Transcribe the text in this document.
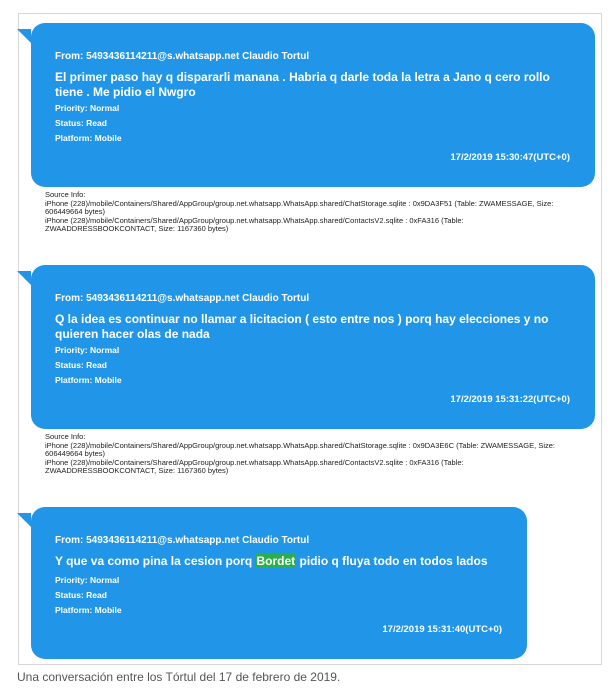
From: 5493436114211@s.whatsapp.net Claudio Tortul
El primer paso hay q dispararli manana . Habria q darle toda la letra a Jano q cero rollo tiene . Me pidio el Nwgro
Priority: Normal
Status: Read
Platform: Mobile
17/2/2019 15:30:47(UTC+0)
Source Info:
iPhone (228)/mobile/Containers/Shared/AppGroup/group.net.whatsapp.WhatsApp.shared/ChatStorage.sqlite : 0x9DA3F51 (Table: ZWAMESSAGE, Size: 606449664 bytes)
iPhone (228)/mobile/Containers/Shared/AppGroup/group.net.whatsapp.WhatsApp.shared/ContactsV2.sqlite : 0xFA316 (Table: ZWAADDRESSBOOKCONTACT, Size: 1167360 bytes)
From: 5493436114211@s.whatsapp.net Claudio Tortul
Q la idea es continuar no llamar a licitacion ( esto entre nos ) porq hay elecciones y no quieren hacer olas de nada
Priority: Normal
Status: Read
Platform: Mobile
17/2/2019 15:31:22(UTC+0)
Source Info:
iPhone (228)/mobile/Containers/Shared/AppGroup/group.net.whatsapp.WhatsApp.shared/ChatStorage.sqlite : 0x9DA3E6C (Table: ZWAMESSAGE, Size: 606449664 bytes)
iPhone (228)/mobile/Containers/Shared/AppGroup/group.net.whatsapp.WhatsApp.shared/ContactsV2.sqlite : 0xFA316 (Table: ZWAADDRESSBOOKCONTACT, Size: 1167360 bytes)
From: 5493436114211@s.whatsapp.net Claudio Tortul
Y que va como pina la cesion porq Bordet pidio q fluya todo en todos lados
Priority: Normal
Status: Read
Platform: Mobile
17/2/2019 15:31:40(UTC+0)
Una conversación entre los Tórtul del 17 de febrero de 2019.
